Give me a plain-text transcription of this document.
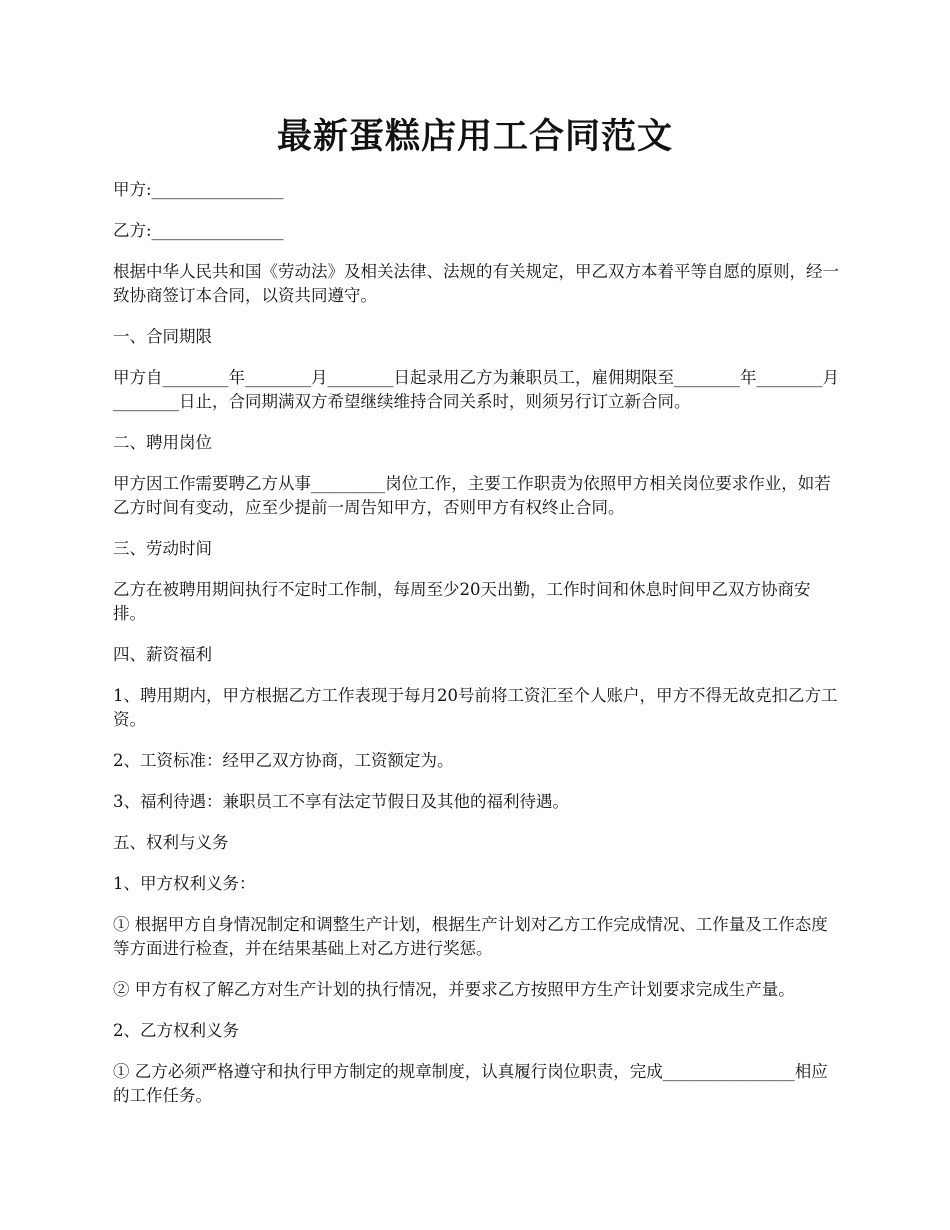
最新蛋糕店用工合同范文

甲方:________________

乙方:________________

根据中华人民共和国《劳动法》及相关法律、法规的有关规定，甲乙双方本着平等自愿的原则，经一致协商签订本合同，以资共同遵守。

一、合同期限

甲方自________年________月________日起录用乙方为兼职员工，雇佣期限至________年________月________日止，合同期满双方希望继续维持合同关系时，则须另行订立新合同。

二、聘用岗位

甲方因工作需要聘乙方从事_________岗位工作，主要工作职责为依照甲方相关岗位要求作业，如若乙方时间有变动，应至少提前一周告知甲方，否则甲方有权终止合同。

三、劳动时间

乙方在被聘用期间执行不定时工作制，每周至少20天出勤，工作时间和休息时间甲乙双方协商安排。

四、薪资福利

1、聘用期内，甲方根据乙方工作表现于每月20号前将工资汇至个人账户，甲方不得无故克扣乙方工资。

2、工资标准：经甲乙双方协商，工资额定为。

3、福利待遇：兼职员工不享有法定节假日及其他的福利待遇。

五、权利与义务

1、甲方权利义务：

① 根据甲方自身情况制定和调整生产计划，根据生产计划对乙方工作完成情况、工作量及工作态度等方面进行检查，并在结果基础上对乙方进行奖惩。

② 甲方有权了解乙方对生产计划的执行情况，并要求乙方按照甲方生产计划要求完成生产量。

2、乙方权利义务

① 乙方必须严格遵守和执行甲方制定的规章制度，认真履行岗位职责，完成________________相应的工作任务。
